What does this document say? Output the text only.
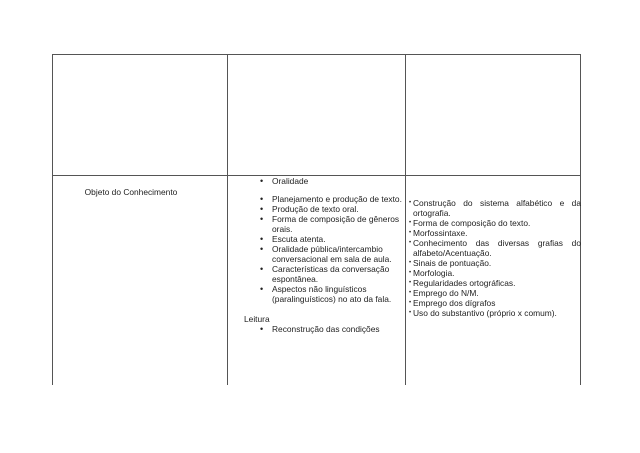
Objeto do Conhecimento
• Oralidade
• Planejamento e produção de texto.
• Produção de texto oral.
• Forma de composição de gêneros orais.
• Escuta atenta.
• Oralidade pública/intercambio conversacional em sala de aula.
• Características da conversação espontânea.
• Aspectos não linguísticos (paralinguísticos) no ato da fala.
Leitura
• Reconstrução das condições
• Construção do sistema alfabético e da ortografia.
• Forma de composição do texto.
• Morfossintaxe.
• Conhecimento das diversas grafias do alfabeto/Acentuação.
• Sinais de pontuação.
• Morfologia.
• Regularidades ortográficas.
• Emprego do N/M.
• Emprego dos dígrafos
• Uso do substantivo (próprio x comum).
